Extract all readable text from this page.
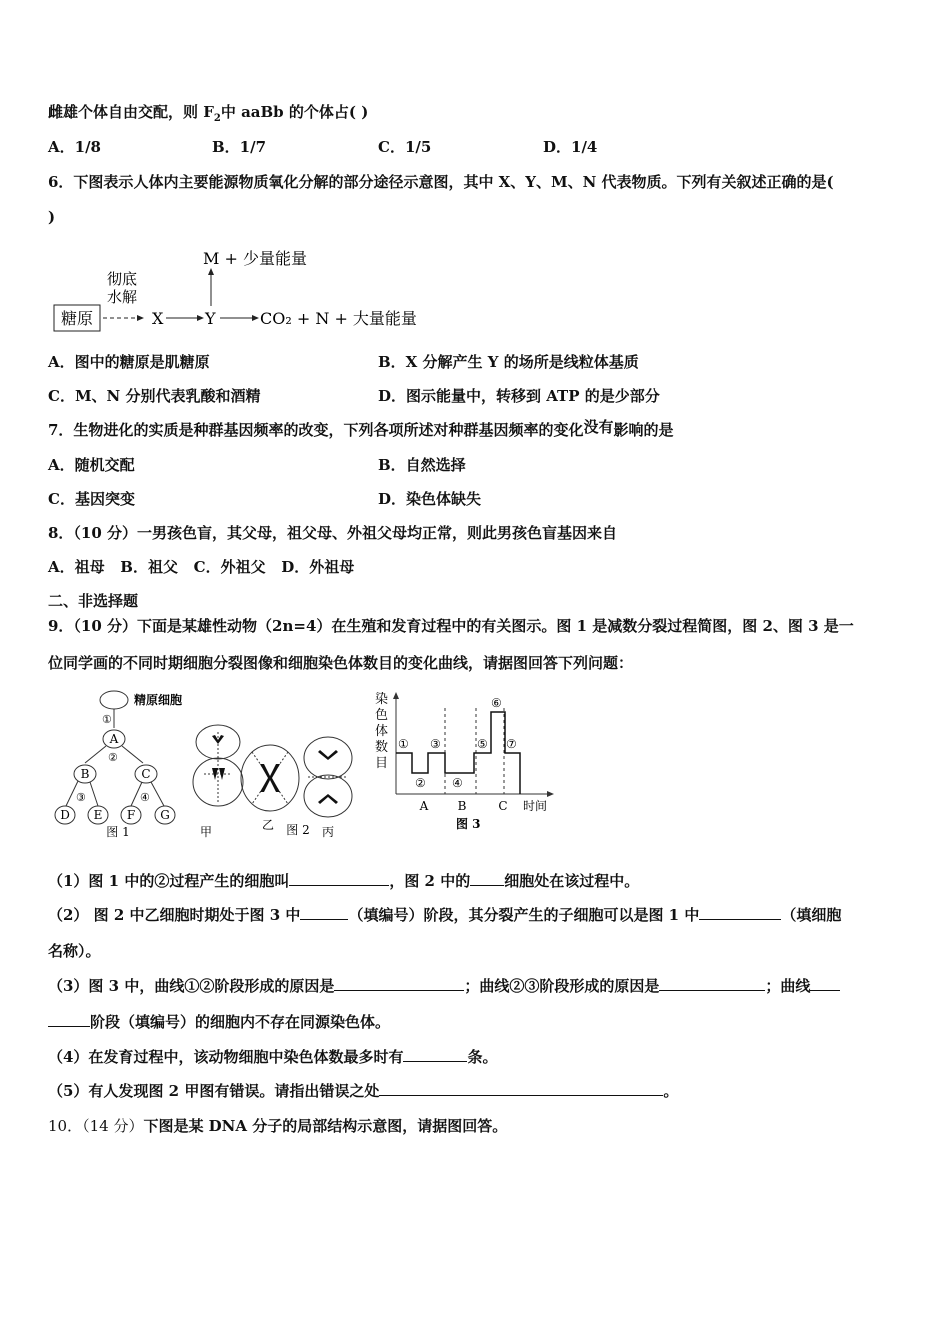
雌雄个体自由交配，则 $F_2$中 aaBb 的个体占( )
A．1/8	B．1/7	C．1/5	D．1/4
6．下图表示人体内主要能源物质氧化分解的部分途径示意图，其中 X、Y、M、N 代表物质。下列有关叙述正确的是(
)
糖原
彻底
水解
X	Y
M + 少量能量
CO₂ + N + 大量能量
A．图中的糖原是肌糖原	B．X 分解产生 Y 的场所是线粒体基质
C．M、N 分别代表乳酸和酒精	D．图示能量中，转移到 ATP 的是少部分
7．生物进化的实质是种群基因频率的改变，下列各项所述对种群基因频率的变化没有影响的是
A．随机交配	B．自然选择
C．基因突变	D．染色体缺失
8．（10 分）一男孩色盲，其父母，祖父母、外祖父母均正常，则此男孩色盲基因来自
A．祖母   B．祖父   C．外祖父   D．外祖母
二、非选择题
9．（10 分）下面是某雄性动物（2n=4）在生殖和发育过程中的有关图示。图 1 是减数分裂过程简图，图 2、图 3 是一
位同学画的不同时期细胞分裂图像和细胞染色体数目的变化曲线，请据图回答下列问题：
精原细胞
①
A
②
B	C
③	④
D E F G
图 1	甲	乙	丙
图 2
染
色
体
数
目
①
②
③
④
⑤
⑥
⑦
A B	C 时间
图 3
（1）图 1 中的②过程产生的细胞叫	，图 2 中的 细胞处在该过程中。
（2） 图 2 中乙细胞时期处于图 3 中	（填编号）阶段，其分裂产生的子细胞可以是图 1 中	（填细胞
名称）。
（3）图 3 中，曲线①②阶段形成的原因是	；曲线②③阶段形成的原因是	；曲线
阶段（填编号）的细胞内不存在同源染色体。
（4）在发育过程中，该动物细胞中染色体数最多时有	条。
（5）有人发现图 2 甲图有错误。请指出错误之处	。
10．（14 分）下图是某 DNA 分子的局部结构示意图，请据图回答。
